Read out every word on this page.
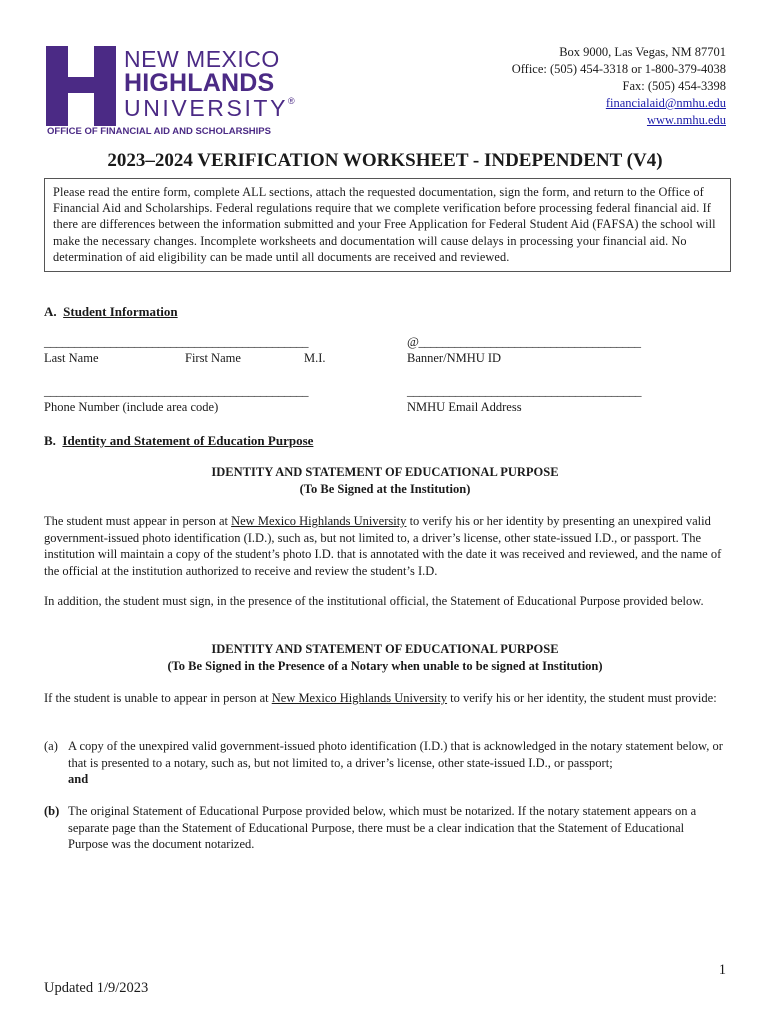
NEW MEXICO
HIGHLANDS
UNIVERSITY®
OFFICE OF FINANCIAL AID AND SCHOLARSHIPS
Box 9000, Las Vegas, NM 87701
Office: (505) 454-3318 or 1-800-379-4038
Fax: (505) 454-3398
financialaid@nmhu.edu
www.nmhu.edu
2023–2024 VERIFICATION WORKSHEET - INDEPENDENT (V4)
Please read the entire form, complete ALL sections, attach the requested documentation, sign the form, and return to the Office of Financial Aid and Scholarships. Federal regulations require that we complete verification before processing federal financial aid. If there are differences between the information submitted and your Free Application for Federal Student Aid (FAFSA) the school will make the necessary changes. Incomplete worksheets and documentation will cause delays in processing your financial aid. No determination of aid eligibility can be made until all documents are received and reviewed.
A. Student Information
____________________________________________
Last Name	First Name	M.I.
@_____________________________________
Banner/NMHU ID
____________________________________________
Phone Number (include area code)
_______________________________________
NMHU Email Address
B. Identity and Statement of Education Purpose
IDENTITY AND STATEMENT OF EDUCATIONAL PURPOSE
(To Be Signed at the Institution)
The student must appear in person at New Mexico Highlands University to verify his or her identity by presenting an unexpired valid government-issued photo identification (I.D.), such as, but not limited to, a driver’s license, other state-issued I.D., or passport. The institution will maintain a copy of the student’s photo I.D. that is annotated with the date it was received and reviewed, and the name of the official at the institution authorized to receive and review the student’s I.D.
In addition, the student must sign, in the presence of the institutional official, the Statement of Educational Purpose provided below.
IDENTITY AND STATEMENT OF EDUCATIONAL PURPOSE
(To Be Signed in the Presence of a Notary when unable to be signed at Institution)
If the student is unable to appear in person at New Mexico Highlands University to verify his or her identity, the student must provide:
(a) A copy of the unexpired valid government-issued photo identification (I.D.) that is acknowledged in the notary statement below, or that is presented to a notary, such as, but not limited to, a driver’s license, other state-issued I.D., or passport;
and
(b) The original Statement of Educational Purpose provided below, which must be notarized. If the notary statement appears on a separate page than the Statement of Educational Purpose, there must be a clear indication that the Statement of Educational Purpose was the document notarized.
1
Updated 1/9/2023
